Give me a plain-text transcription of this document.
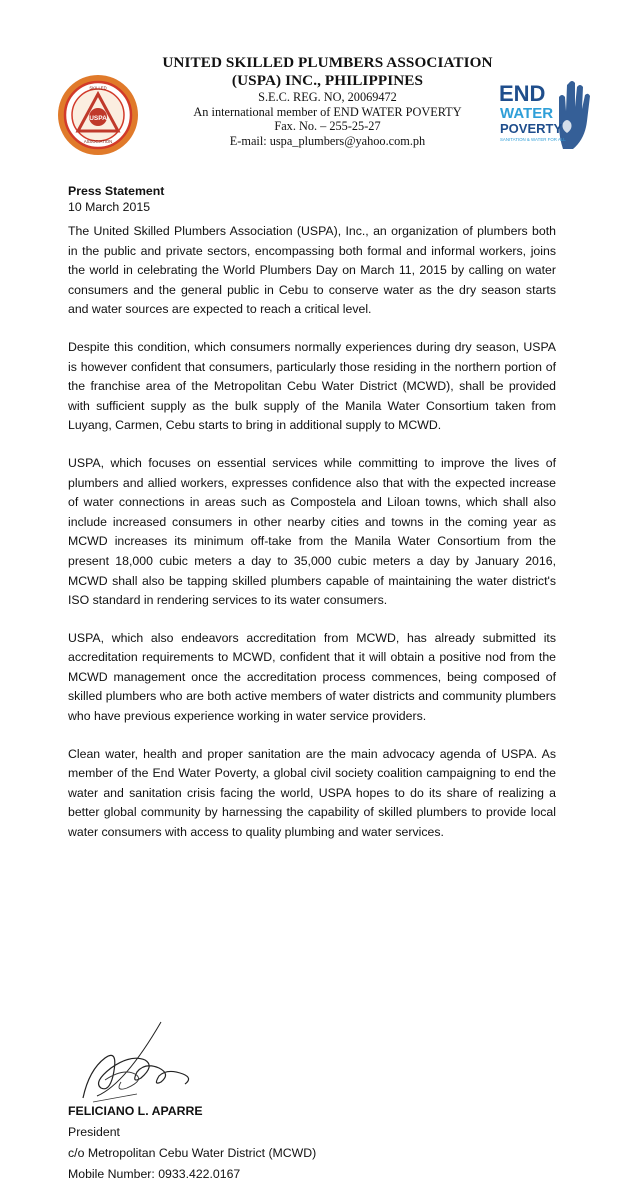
USPA
SKILLED
ASSOCIATION
UNITED SKILLED PLUMBERS ASSOCIATION
(USPA) INC., PHILIPPINES
S.E.C. REG. NO, 20069472
An international member of END WATER POVERTY
Fax. No. – 255-25-27
E-mail: uspa_plumbers@yahoo.com.ph
END
WATER
POVERTY
SANITATION & WATER FOR ALL
Press Statement
10 March 2015

The United Skilled Plumbers Association (USPA), Inc., an organization of plumbers both in the public and private sectors, encompassing both formal and informal workers, joins the world in celebrating the World Plumbers Day on March 11, 2015 by calling on water consumers and the general public in Cebu to conserve water as the dry season starts and water sources are expected to reach a critical level.

Despite this condition, which consumers normally experiences during dry season, USPA is however confident that consumers, particularly those residing in the northern portion of the franchise area of the Metropolitan Cebu Water District (MCWD), shall be provided with sufficient supply as the bulk supply of the Manila Water Consortium taken from Luyang, Carmen, Cebu starts to bring in additional supply to MCWD.

USPA, which focuses on essential services while committing to improve the lives of plumbers and allied workers, expresses confidence also that with the expected increase of water connections in areas such as Compostela and Liloan towns, which shall also include increased consumers in other nearby cities and towns in the coming year as MCWD increases its minimum off-take from the Manila Water Consortium from the present 18,000 cubic meters a day to 35,000 cubic meters a day by January 2016, MCWD shall also be tapping skilled plumbers capable of maintaining the water district's ISO standard in rendering services to its water consumers.

USPA, which also endeavors accreditation from MCWD, has already submitted its accreditation requirements to MCWD, confident that it will obtain a positive nod from the MCWD management once the accreditation process commences, being composed of skilled plumbers who are both active members of water districts and community plumbers who have previous experience working in water service providers.

Clean water, health and proper sanitation are the main advocacy agenda of USPA. As member of the End Water Poverty, a global civil society coalition campaigning to end the water and sanitation crisis facing the world, USPA hopes to do its share of realizing a better global community by harnessing the capability of skilled plumbers to provide local water consumers with access to quality plumbing and water services.

FELICIANO L. APARRE
President
c/o Metropolitan Cebu Water District (MCWD)
Mobile Number: 0933.422.0167
